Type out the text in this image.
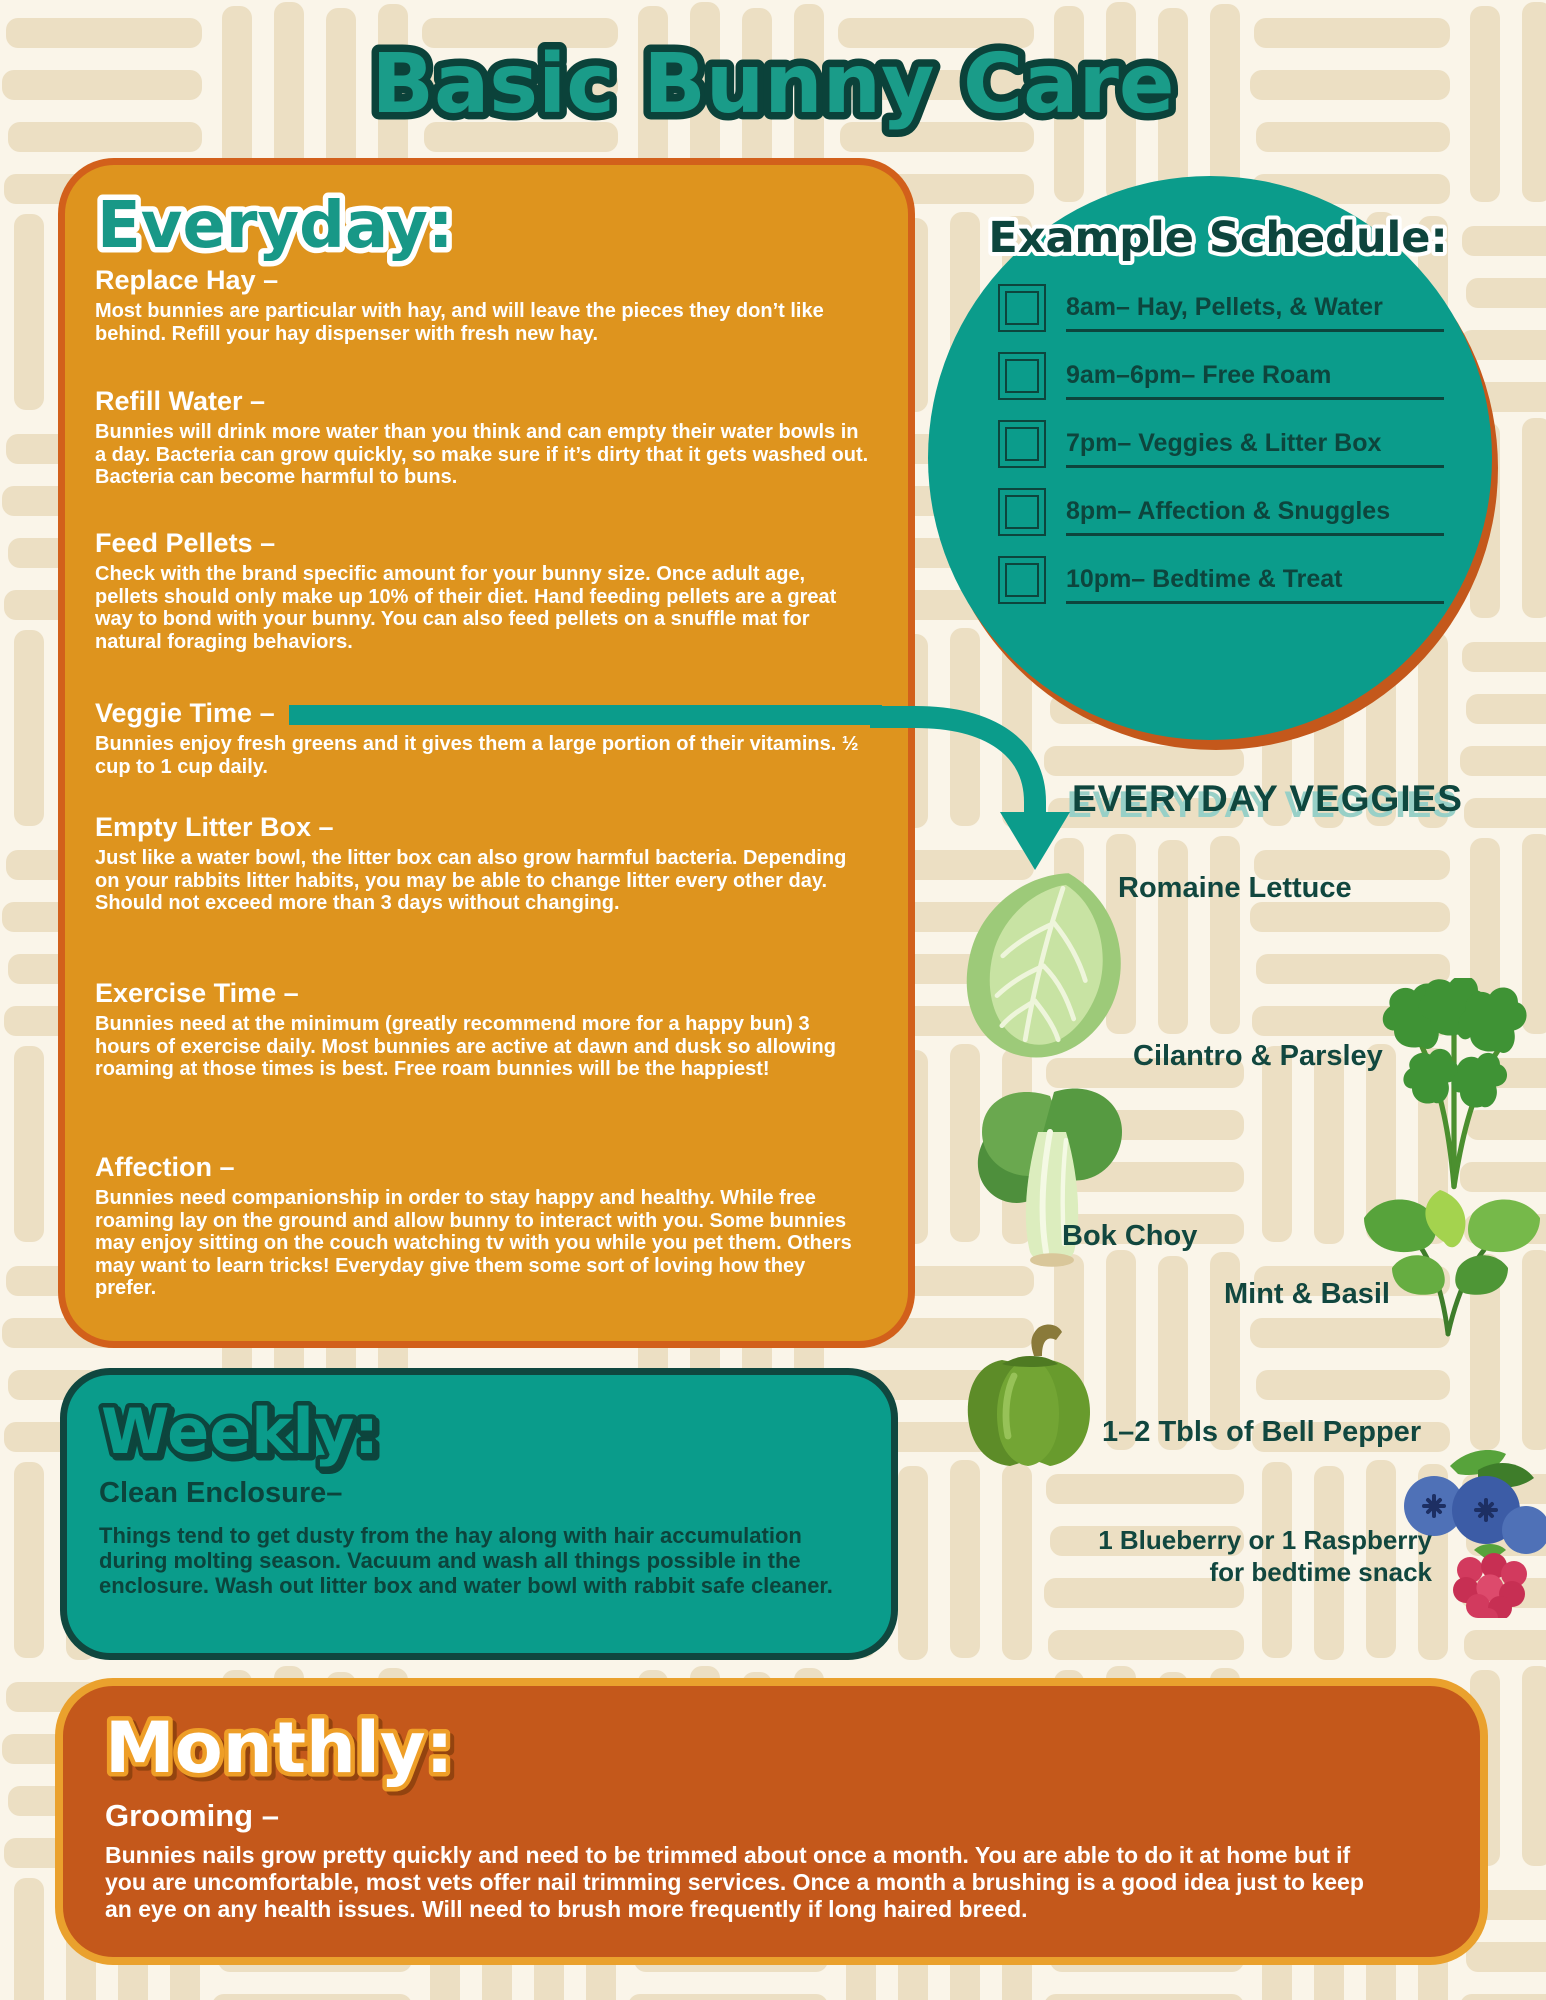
Basic Bunny Care
Everyday:
Replace Hay –

Most bunnies are particular with hay, and will leave the pieces they don’t like behind. Refill your hay dispenser with fresh new hay.

Refill Water –

Bunnies will drink more water than you think and can empty their water bowls in a day. Bacteria can grow quickly, so make sure if it’s dirty that it gets washed out. Bacteria can become harmful to buns.

Feed Pellets –

Check with the brand specific amount for your bunny size. Once adult age, pellets should only make up 10% of their diet. Hand feeding pellets are a great way to bond with your bunny. You can also feed pellets on a snuffle mat for natural foraging behaviors.

Veggie Time –

Bunnies enjoy fresh greens and it gives them a large portion of their vitamins. ½ cup to 1 cup daily.

Empty Litter Box –

Just like a water bowl, the litter box can also grow harmful bacteria. Depending on your rabbits litter habits, you may be able to change litter every other day. Should not exceed more than 3 days without changing.

Exercise Time –

Bunnies need at the minimum (greatly recommend more for a happy bun) 3 hours of exercise daily. Most bunnies are active at dawn and dusk so allowing roaming at those times is best. Free roam bunnies will be the happiest!

Affection –

Bunnies need companionship in order to stay happy and healthy. While free roaming lay on the ground and allow bunny to interact with you. Some bunnies may enjoy sitting on the couch watching tv with you while you pet them. Others may want to learn tricks! Everyday give them some sort of loving how they prefer.

Example Schedule:
8am– Hay, Pellets, & Water
9am–6pm– Free Roam
7pm– Veggies & Litter Box
8pm– Affection & Snuggles
10pm– Bedtime & Treat
EVERYDAY VEGGIES
Romaine Lettuce
Cilantro & Parsley
Bok Choy
Mint & Basil
1–2 Tbls of Bell Pepper
1 Blueberry or 1 Raspberry
for bedtime snack
Weekly:
Clean Enclosure–

Things tend to get dusty from the hay along with hair accumulation during molting season. Vacuum and wash all things possible in the enclosure. Wash out litter box and water bowl with rabbit safe cleaner.

Monthly:
Grooming –

Bunnies nails grow pretty quickly and need to be trimmed about once a month. You are able to do it at home but if you are uncomfortable, most vets offer nail trimming services. Once a month a brushing is a good idea just to keep an eye on any health issues. Will need to brush more frequently if long haired breed.
